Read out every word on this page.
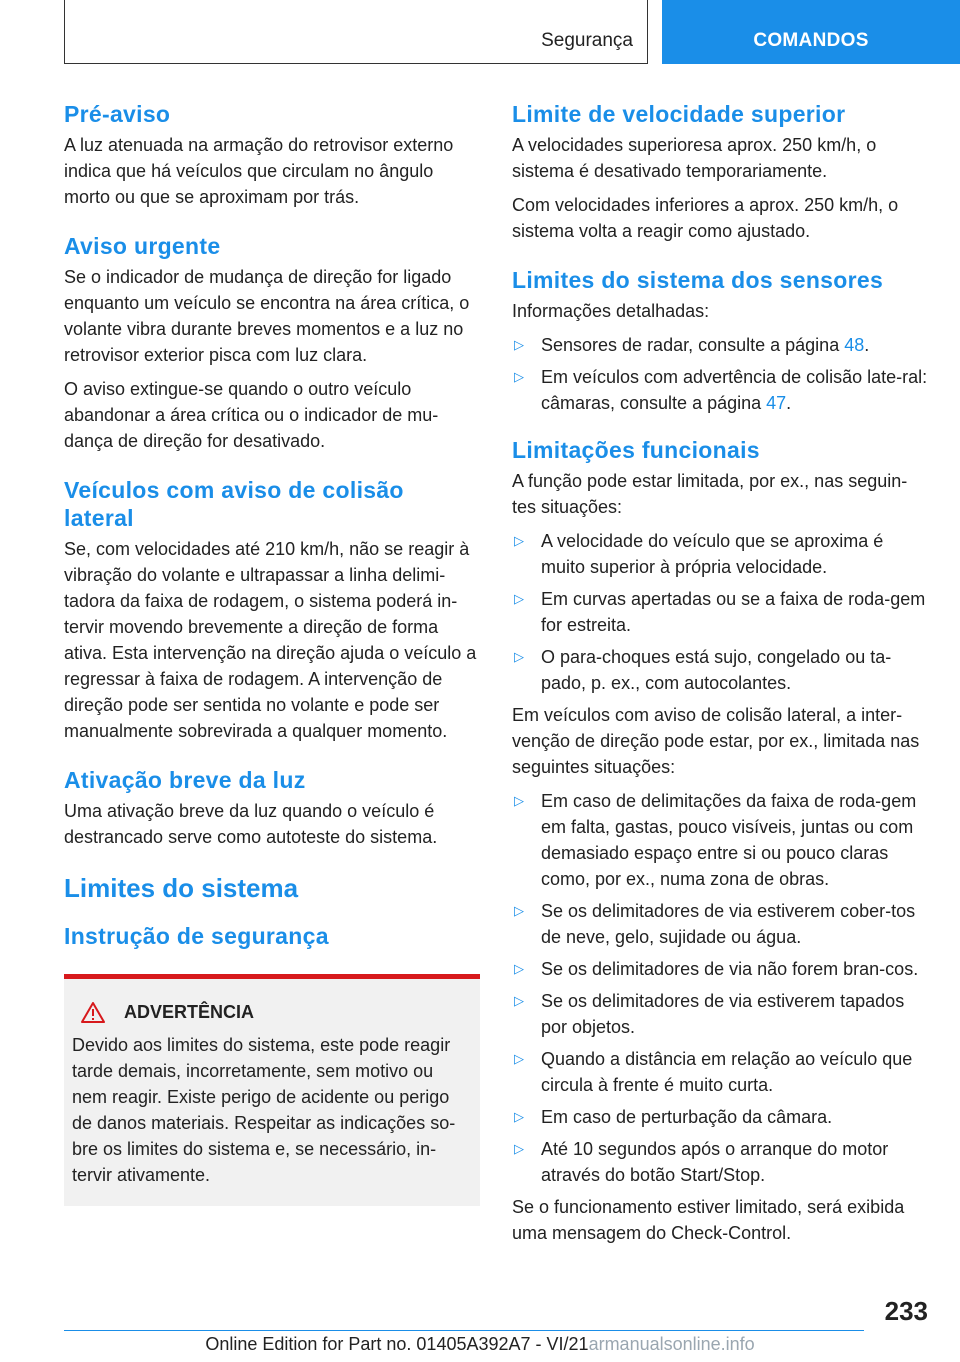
Segurança	COMANDOS
Pré-aviso

A luz atenuada na armação do retrovisor externo indica que há veículos que circulam no ângulo morto ou que se aproximam por trás.

Aviso urgente

Se o indicador de mudança de direção for ligado enquanto um veículo se encontra na área crítica, o volante vibra durante breves momentos e a luz no retrovisor exterior pisca com luz clara.

O aviso extingue-se quando o outro veículo abandonar a área crítica ou o indicador de mu-dança de direção for desativado.

Veículos com aviso de colisão lateral

Se, com velocidades até 210 km/h, não se reagir à vibração do volante e ultrapassar a linha delimi-tadora da faixa de rodagem, o sistema poderá in-tervir movendo brevemente a direção de forma ativa. Esta intervenção na direção ajuda o veículo a regressar à faixa de rodagem. A intervenção de direção pode ser sentida no volante e pode ser manualmente sobrevirada a qualquer momento.

Ativação breve da luz

Uma ativação breve da luz quando o veículo é destrancado serve como autoteste do sistema.

Limites do sistema
Instrução de segurança
ADVERTÊNCIA

Devido aos limites do sistema, este pode reagir tarde demais, incorretamente, sem motivo ou nem reagir. Existe perigo de acidente ou perigo de danos materiais. Respeitar as indicações so-bre os limites do sistema e, se necessário, in-tervir ativamente.

Limite de velocidade superior

A velocidades superioresa aprox. 250 km/h, o sistema é desativado temporariamente.

Com velocidades inferiores a aprox. 250 km/h, o sistema volta a reagir como ajustado.

Limites do sistema dos sensores

Informações detalhadas:

▷ Sensores de radar, consulte a página 48.
▷ Em veículos com advertência de colisão late-ral: câmaras, consulte a página 47.
Limitações funcionais

A função pode estar limitada, por ex., nas seguin-tes situações:

▷ A velocidade do veículo que se aproxima é muito superior à própria velocidade.
▷ Em curvas apertadas ou se a faixa de roda-gem for estreita.
▷ O para-choques está sujo, congelado ou ta-pado, p. ex., com autocolantes.

Em veículos com aviso de colisão lateral, a inter-venção de direção pode estar, por ex., limitada nas seguintes situações:

▷ Em caso de delimitações da faixa de roda-gem em falta, gastas, pouco visíveis, juntas ou com demasiado espaço entre si ou pouco claras como, por ex., numa zona de obras.
▷ Se os delimitadores de via estiverem cober-tos de neve, gelo, sujidade ou água.
▷ Se os delimitadores de via não forem bran-cos.
▷ Se os delimitadores de via estiverem tapados por objetos.
▷ Quando a distância em relação ao veículo que circula à frente é muito curta.
▷ Em caso de perturbação da câmara.
▷ Até 10 segundos após o arranque do motor através do botão Start/Stop.

Se o funcionamento estiver limitado, será exibida uma mensagem do Check-Control.

233
Online Edition for Part no. 01405A392A7 - VI/21armanualsonline.info
